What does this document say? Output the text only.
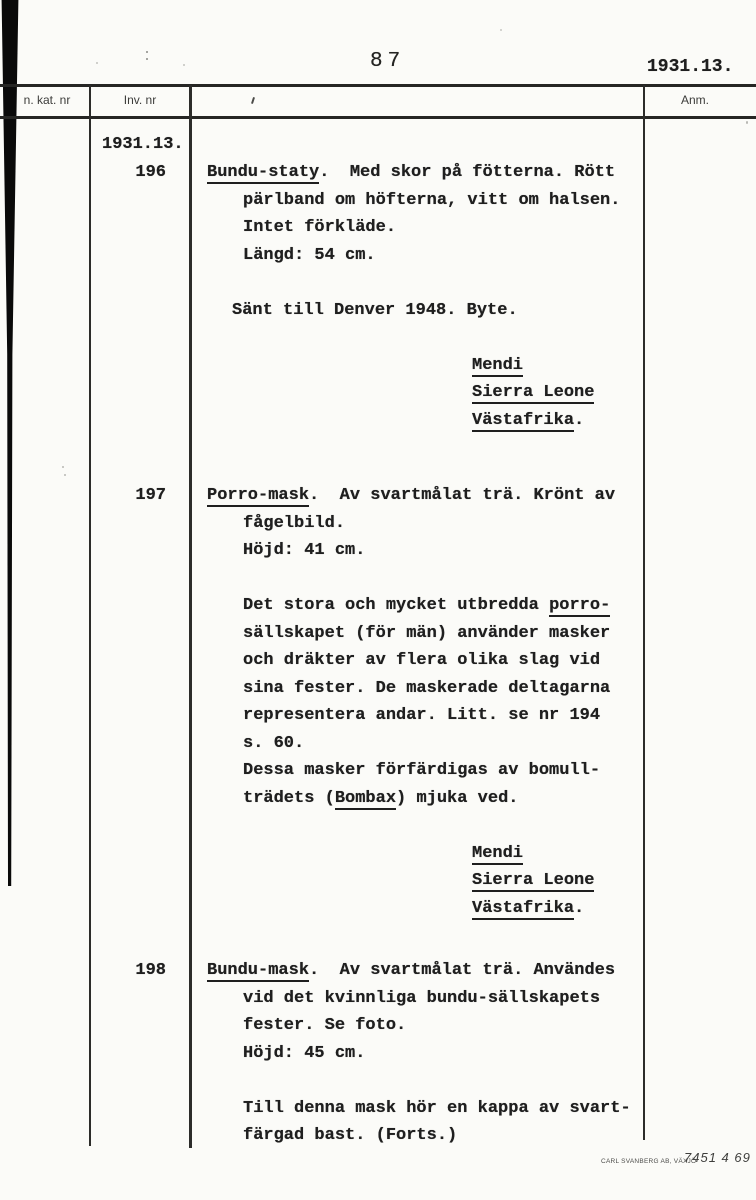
87	1931.13.
n. kat. nr	Inv. nr	Anm.
1931.13.
196	Bundu-staty.  Med skor på fötterna. Rött
pärlband om höfterna, vitt om halsen.
Intet förkläde.
Längd: 54 cm.

Sänt till Denver 1948. Byte.

Mendi
Sierra Leone
Västafrika.
197	Porro-mask.  Av svartmålat trä. Krönt av
fågelbild.
Höjd: 41 cm.

Det stora och mycket utbredda porro-
sällskapet (för män) använder masker
och dräkter av flera olika slag vid
sina fester. De maskerade deltagarna
representera andar. Litt. se nr 194
s. 60.
Dessa masker förfärdigas av bomull-
trädets (Bombax) mjuka ved.

Mendi
Sierra Leone
Västafrika.
198	Bundu-mask.  Av svartmålat trä. Användes
vid det kvinnliga bundu-sällskapets
fester. Se foto.
Höjd: 45 cm.

Till denna mask hör en kappa av svart-
färgad bast. (Forts.)
CARL SVANBERG AB, VÄXJÖ
7451 4 69
